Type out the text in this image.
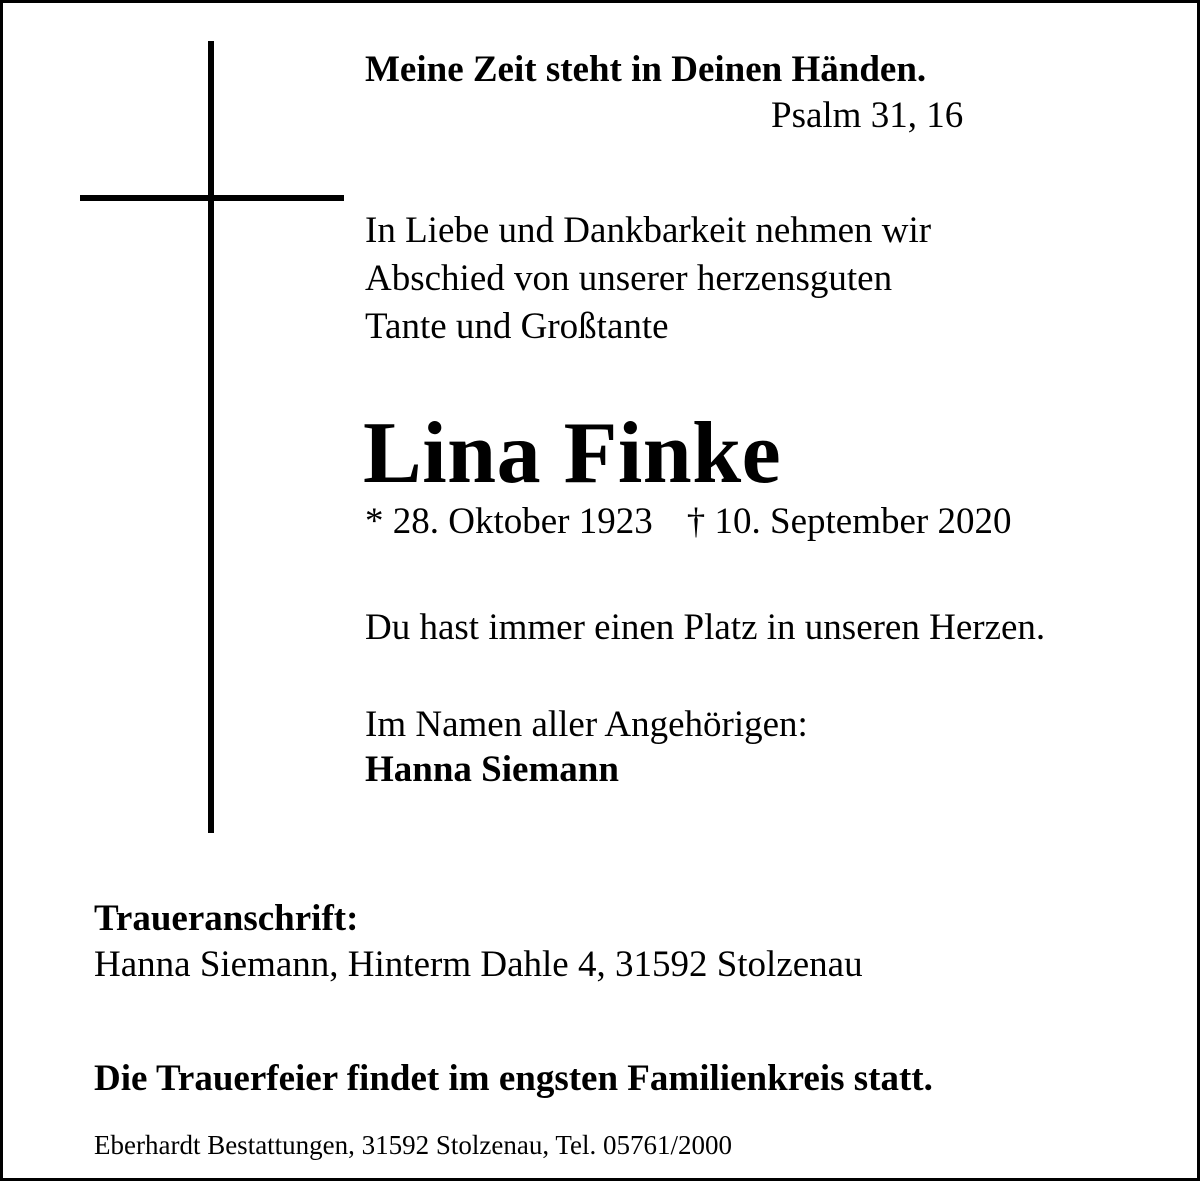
Meine Zeit steht in Deinen Händen.
Psalm 31, 16
In Liebe und Dankbarkeit nehmen wir
Abschied von unserer herzensguten
Tante und Großtante
Lina Finke
* 28. Oktober 1923 † 10. September 2020
Du hast immer einen Platz in unseren Herzen.
Im Namen aller Angehörigen:
Hanna Siemann
Traueranschrift:
Hanna Siemann, Hinterm Dahle 4, 31592 Stolzenau
Die Trauerfeier findet im engsten Familienkreis statt.
Eberhardt Bestattungen, 31592 Stolzenau, Tel. 05761/2000
